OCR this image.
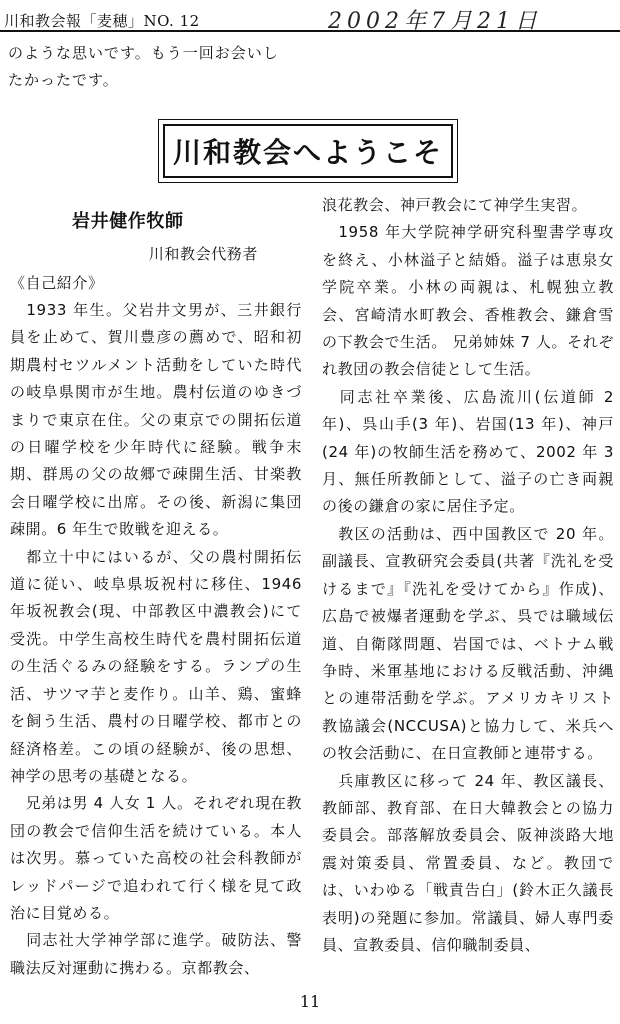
川和教会報「麦穂」NO. 12	2002年7月21日
のような思いです。もう一回お会いし
たかったです。
川和教会へようこそ
岩井健作牧師
川和教会代務者
《自己紹介》

　1933 年生。父岩井文男が、三井銀行員を止めて、賀川豊彦の薦めで、昭和初期農村セツルメント活動をしていた時代の岐阜県関市が生地。農村伝道のゆきづまりで東京在住。父の東京での開拓伝道の日曜学校を少年時代に経験。戦争末期、群馬の父の故郷で疎開生活、甘楽教会日曜学校に出席。その後、新潟に集団疎開。6 年生で敗戦を迎える。

　都立十中にはいるが、父の農村開拓伝道に従い、岐阜県坂祝村に移住、1946 年坂祝教会(現、中部教区中濃教会)にて受洗。中学生高校生時代を農村開拓伝道の生活ぐるみの経験をする。ランプの生活、サツマ芋と麦作り。山羊、鶏、蜜蜂を飼う生活、農村の日曜学校、都市との経済格差。この頃の経験が、後の思想、神学の思考の基礎となる。

　兄弟は男 4 人女 1 人。それぞれ現在教団の教会で信仰生活を続けている。本人は次男。慕っていた高校の社会科教師がレッドパージで追われて行く様を見て政治に目覚める。

　同志社大学神学部に進学。破防法、警職法反対運動に携わる。京都教会、

浪花教会、神戸教会にて神学生実習。

　1958 年大学院神学研究科聖書学専攻を終え、小林溢子と結婚。溢子は恵泉女学院卒業。小林の両親は、札幌独立教会、宮崎清水町教会、香椎教会、鎌倉雪の下教会で生活。 兄弟姉妹 7 人。それぞれ教団の教会信徒として生活。

　同志社卒業後、広島流川(伝道師 2 年)、呉山手(3 年)、岩国(13 年)、神戸(24 年)の牧師生活を務めて、2002 年 3 月、無任所教師として、溢子の亡き両親の後の鎌倉の家に居住予定。

　教区の活動は、西中国教区で 20 年。副議長、宣教研究会委員(共著『洗礼を受けるまで』『洗礼を受けてから』作成)、広島で被爆者運動を学ぶ、呉では職域伝道、自衛隊問題、岩国では、ベトナム戦争時、米軍基地における反戦活動、沖縄との連帯活動を学ぶ。アメリカキリスト教協議会(NCCUSA)と協力して、米兵への牧会活動に、在日宣教師と連帯する。

　兵庫教区に移って 24 年、教区議長、教師部、教育部、在日大韓教会との協力委員会。部落解放委員会、阪神淡路大地震対策委員、常置委員、など。教団では、いわゆる「戦責告白」(鈴木正久議長表明)の発題に参加。常議員、婦人専門委員、宣教委員、信仰職制委員、

11
